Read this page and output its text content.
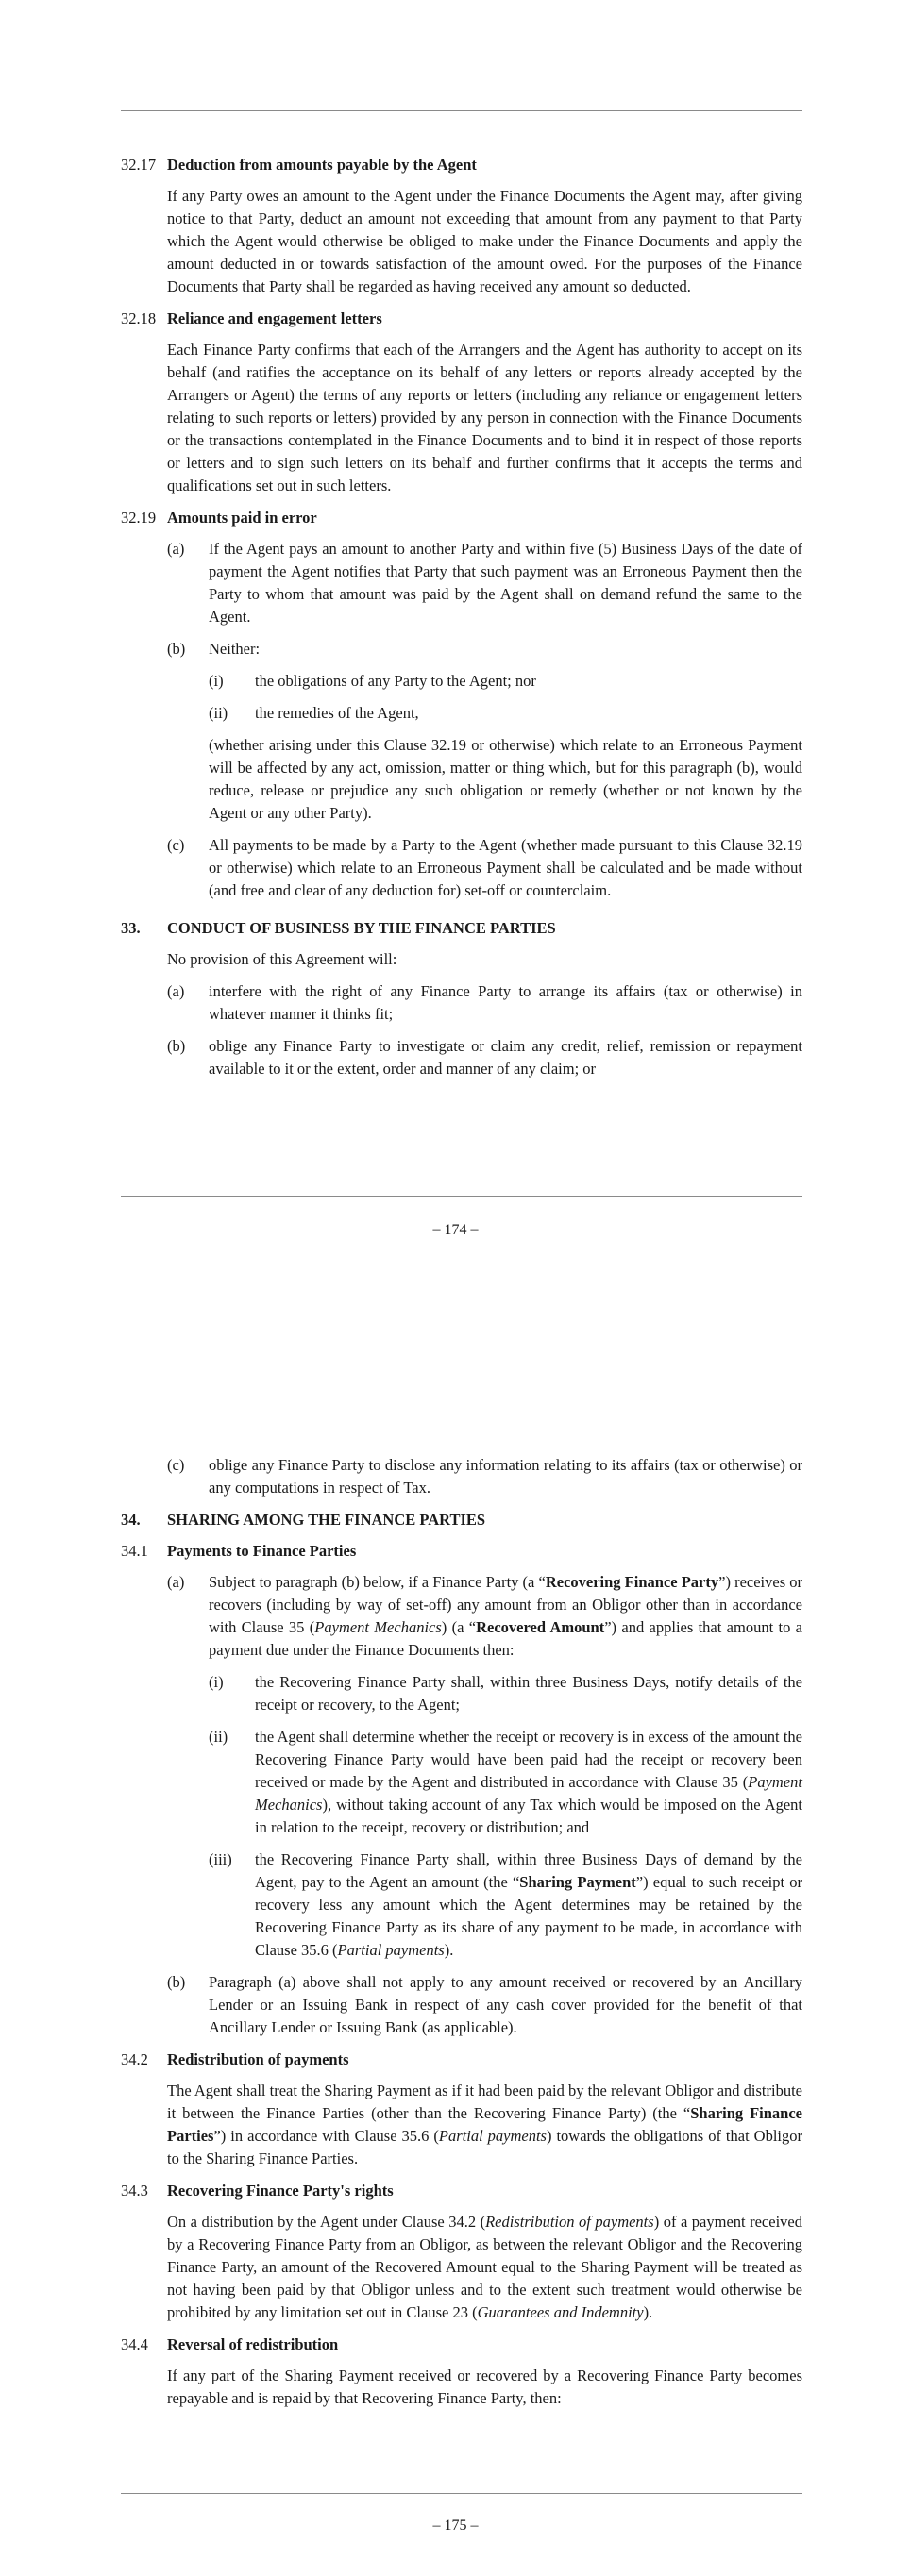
32.17 Deduction from amounts payable by the Agent

If any Party owes an amount to the Agent under the Finance Documents the Agent may, after giving notice to that Party, deduct an amount not exceeding that amount from any payment to that Party which the Agent would otherwise be obliged to make under the Finance Documents and apply the amount deducted in or towards satisfaction of the amount owed. For the purposes of the Finance Documents that Party shall be regarded as having received any amount so deducted.

32.18 Reliance and engagement letters

Each Finance Party confirms that each of the Arrangers and the Agent has authority to accept on its behalf (and ratifies the acceptance on its behalf of any letters or reports already accepted by the Arrangers or Agent) the terms of any reports or letters (including any reliance or engagement letters relating to such reports or letters) provided by any person in connection with the Finance Documents or the transactions contemplated in the Finance Documents and to bind it in respect of those reports or letters and to sign such letters on its behalf and further confirms that it accepts the terms and qualifications set out in such letters.

32.19 Amounts paid in error
(a) If the Agent pays an amount to another Party and within five (5) Business Days of the date of payment the Agent notifies that Party that such payment was an Erroneous Payment then the Party to whom that amount was paid by the Agent shall on demand refund the same to the Agent.

(b) Neither:

(i) the obligations of any Party to the Agent; nor

(ii) the remedies of the Agent,

(whether arising under this Clause 32.19 or otherwise) which relate to an Erroneous Payment will be affected by any act, omission, matter or thing which, but for this paragraph (b), would reduce, release or prejudice any such obligation or remedy (whether or not known by the Agent or any other Party).

(c) All payments to be made by a Party to the Agent (whether made pursuant to this Clause 32.19 or otherwise) which relate to an Erroneous Payment shall be calculated and be made without (and free and clear of any deduction for) set-off or counterclaim.

33. CONDUCT OF BUSINESS BY THE FINANCE PARTIES

No provision of this Agreement will:

(a) interfere with the right of any Finance Party to arrange its affairs (tax or otherwise) in whatever manner it thinks fit;

(b) oblige any Finance Party to investigate or claim any credit, relief, remission or repayment available to it or the extent, order and manner of any claim; or

– 174 –
(c) oblige any Finance Party to disclose any information relating to its affairs (tax or otherwise) or any computations in respect of Tax.

34. SHARING AMONG THE FINANCE PARTIES
34.1 Payments to Finance Parties
(a) Subject to paragraph (b) below, if a Finance Party (a “Recovering Finance Party”) receives or recovers (including by way of set-off) any amount from an Obligor other than in accordance with Clause 35 (Payment Mechanics) (a “Recovered Amount”) and applies that amount to a payment due under the Finance Documents then:

(i) the Recovering Finance Party shall, within three Business Days, notify details of the receipt or recovery, to the Agent;

(ii) the Agent shall determine whether the receipt or recovery is in excess of the amount the Recovering Finance Party would have been paid had the receipt or recovery been received or made by the Agent and distributed in accordance with Clause 35 (Payment Mechanics), without taking account of any Tax which would be imposed on the Agent in relation to the receipt, recovery or distribution; and

(iii) the Recovering Finance Party shall, within three Business Days of demand by the Agent, pay to the Agent an amount (the “Sharing Payment”) equal to such receipt or recovery less any amount which the Agent determines may be retained by the Recovering Finance Party as its share of any payment to be made, in accordance with Clause 35.6 (Partial payments).

(b) Paragraph (a) above shall not apply to any amount received or recovered by an Ancillary Lender or an Issuing Bank in respect of any cash cover provided for the benefit of that Ancillary Lender or Issuing Bank (as applicable).

34.2 Redistribution of payments

The Agent shall treat the Sharing Payment as if it had been paid by the relevant Obligor and distribute it between the Finance Parties (other than the Recovering Finance Party) (the “Sharing Finance Parties”) in accordance with Clause 35.6 (Partial payments) towards the obligations of that Obligor to the Sharing Finance Parties.

34.3 Recovering Finance Party's rights

On a distribution by the Agent under Clause 34.2 (Redistribution of payments) of a payment received by a Recovering Finance Party from an Obligor, as between the relevant Obligor and the Recovering Finance Party, an amount of the Recovered Amount equal to the Sharing Payment will be treated as not having been paid by that Obligor unless and to the extent such treatment would otherwise be prohibited by any limitation set out in Clause 23 (Guarantees and Indemnity).

34.4 Reversal of redistribution

If any part of the Sharing Payment received or recovered by a Recovering Finance Party becomes repayable and is repaid by that Recovering Finance Party, then:

– 175 –
